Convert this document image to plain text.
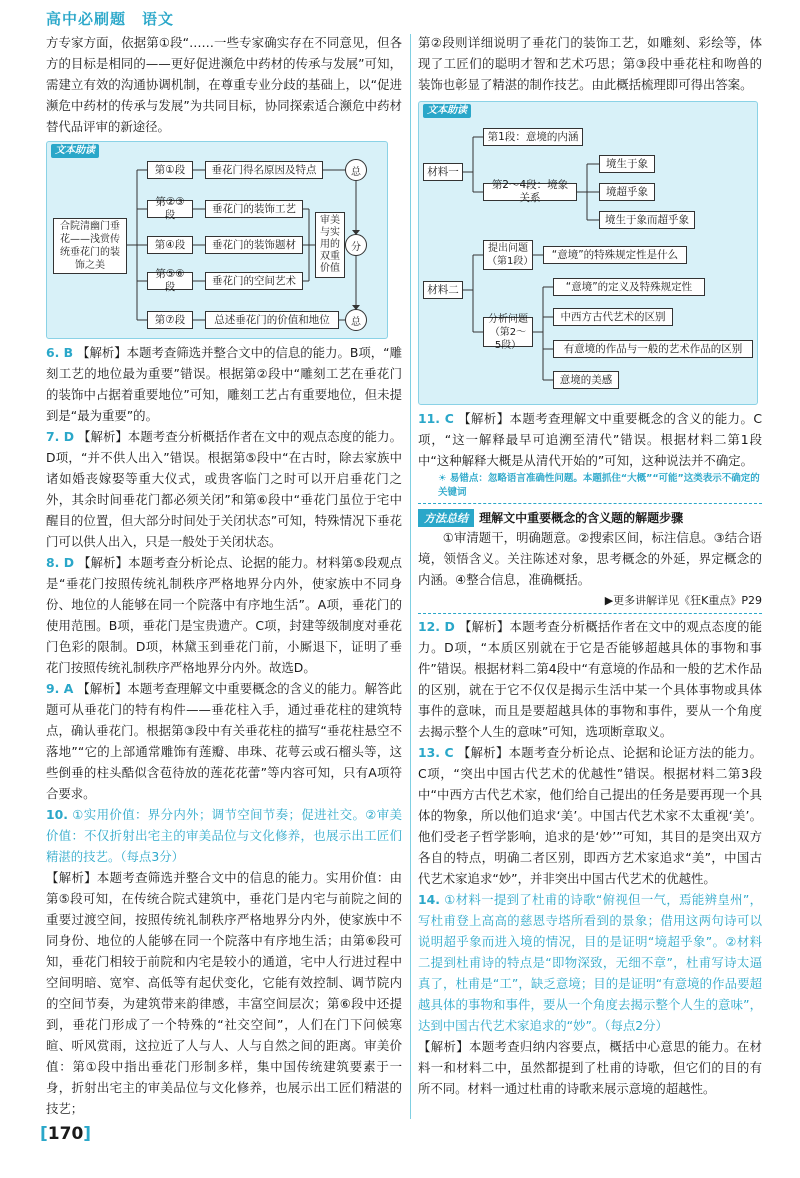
高中必刷题　语文

方专家方面，依据第①段“……一些专家确实存在不同意见，但各方的目标是相同的——更好促进濒危中药材的传承与发展”可知，需建立有效的沟通协调机制，在尊重专业分歧的基础上，以“促进濒危中药材的传承与发展”为共同目标，协同探索适合濒危中药材替代品评审的新途径。

文本助读
合院清幽门垂花——浅赏传统垂花门的装饰之美
第①段
第②③段
第④段
第⑤⑥段
第⑦段
垂花门得名原因及特点
垂花门的装饰工艺
垂花门的装饰题材
垂花门的空间艺术
总述垂花门的价值和地位
审美与实用的双重价值
总
分
总

6. B 【解析】本题考查筛选并整合文中的信息的能力。B项，“雕刻工艺的地位最为重要”错误。根据第②段中“雕刻工艺在垂花门的装饰中占据着重要地位”可知，雕刻工艺占有重要地位，但未提到是“最为重要”的。

7. D 【解析】本题考查分析概括作者在文中的观点态度的能力。D项，“并不供人出入”错误。根据第⑤段中“在古时，除去家族中诸如婚丧嫁娶等重大仪式，或贵客临门之时可以开启垂花门之外，其余时间垂花门都必须关闭”和第⑥段中“垂花门虽位于宅中醒目的位置，但大部分时间处于关闭状态”可知，特殊情况下垂花门可以供人出入，只是一般处于关闭状态。

8. D 【解析】本题考查分析论点、论据的能力。材料第⑤段观点是“垂花门按照传统礼制秩序严格地界分内外，使家族中不同身份、地位的人能够在同一个院落中有序地生活”。A项，垂花门的使用范围。B项，垂花门是宝贵遗产。C项，封建等级制度对垂花门色彩的限制。D项，林黛玉到垂花门前，小厮退下，证明了垂花门按照传统礼制秩序严格地界分内外。故选D。

9. A 【解析】本题考查理解文中重要概念的含义的能力。解答此题可从垂花门的特有构件——垂花柱入手，通过垂花柱的建筑特点，确认垂花门。根据第③段中有关垂花柱的描写“垂花柱悬空不落地”“它的上部通常雕饰有莲瓣、串珠、花萼云或石榴头等，这些倒垂的柱头酷似含苞待放的莲花花蕾”等内容可知，只有A项符合要求。

10. ①实用价值：界分内外；调节空间节奏；促进社交。②审美价值：不仅折射出宅主的审美品位与文化修养，也展示出工匠们精湛的技艺。（每点3分）

【解析】本题考查筛选并整合文中的信息的能力。实用价值：由第⑤段可知，在传统合院式建筑中，垂花门是内宅与前院之间的重要过渡空间，按照传统礼制秩序严格地界分内外，使家族中不同身份、地位的人能够在同一个院落中有序地生活；由第⑥段可知，垂花门相较于前院和内宅是较小的通道，宅中人行进过程中空间明暗、宽窄、高低等有起伏变化，它能有效控制、调节院内的空间节奏，为建筑带来韵律感，丰富空间层次；第⑥段中还提到，垂花门形成了一个特殊的“社交空间”，人们在门下问候寒暄、听风赏雨，这拉近了人与人、人与自然之间的距离。审美价值：第①段中指出垂花门形制多样，集中国传统建筑要素于一身，折射出宅主的审美品位与文化修养，也展示出工匠们精湛的技艺；

第②段则详细说明了垂花门的装饰工艺，如雕刻、彩绘等，体现了工匠们的聪明才智和艺术巧思；第③段中垂花柱和吻兽的装饰也彰显了精湛的制作技艺。由此概括梳理即可得出答案。

文本助读
材料一
第1段：意境的内涵
第2～4段：境象关系
境生于象
境超乎象
境生于象而超乎象
材料二
提出问题（第1段）
“意境”的特殊规定性是什么
分析问题（第2～5段）
“意境”的定义及特殊规定性
中西方古代艺术的区别
有意境的作品与一般的艺术作品的区别
意境的美感

11. C 【解析】本题考查理解文中重要概念的含义的能力。C项，“这一解释最早可追溯至清代”错误。根据材料二第1段中“这种解释大概是从清代开始的”可知，这种说法并不确定。

☀ 易错点：忽略语言准确性问题。本题抓住“大概”“可能”这类表示不确定的关键词
方法总结 理解文中重要概念的含义题的解题步骤

①审清题干，明确题意。②搜索区间，标注信息。③结合语境，领悟含义。关注陈述对象，思考概念的外延，界定概念的内涵。④整合信息，准确概括。

▶更多讲解详见《狂K重点》P29

12. D 【解析】本题考查分析概括作者在文中的观点态度的能力。D项，“本质区别就在于它是否能够超越具体的事物和事件”错误。根据材料二第4段中“有意境的作品和一般的艺术作品的区别，就在于它不仅仅是揭示生活中某一个具体事物或具体事件的意味，而且是要超越具体的事物和事件，要从一个角度去揭示整个人生的意味”可知，选项断章取义。

13. C 【解析】本题考查分析论点、论据和论证方法的能力。C项，“突出中国古代艺术的优越性”错误。根据材料二第3段中“中西方古代艺术家，他们给自己提出的任务是要再现一个具体的物象，所以他们追求‘美’。中国古代艺术家不太重视‘美’。他们受老子哲学影响，追求的是‘妙’”可知，其目的是突出双方各自的特点，明确二者区别，即西方艺术家追求“美”，中国古代艺术家追求“妙”，并非突出中国古代艺术的优越性。

14. ①材料一提到了杜甫的诗歌“俯视但一气，焉能辨皇州”，写杜甫登上高高的慈恩寺塔所看到的景象；借用这两句诗可以说明超乎象而进入境的情况，目的是证明“境超乎象”。②材料二提到杜甫诗的特点是“即物深致，无细不章”，杜甫写诗太逼真了，杜甫是“工”，缺乏意境；目的是证明“有意境的作品要超越具体的事物和事件，要从一个角度去揭示整个人生的意味”，达到中国古代艺术家追求的“妙”。（每点2分）

【解析】本题考查归纳内容要点，概括中心意思的能力。在材料一和材料二中，虽然都提到了杜甫的诗歌，但它们的目的有所不同。材料一通过杜甫的诗歌来展示意境的超越性。

[170]
